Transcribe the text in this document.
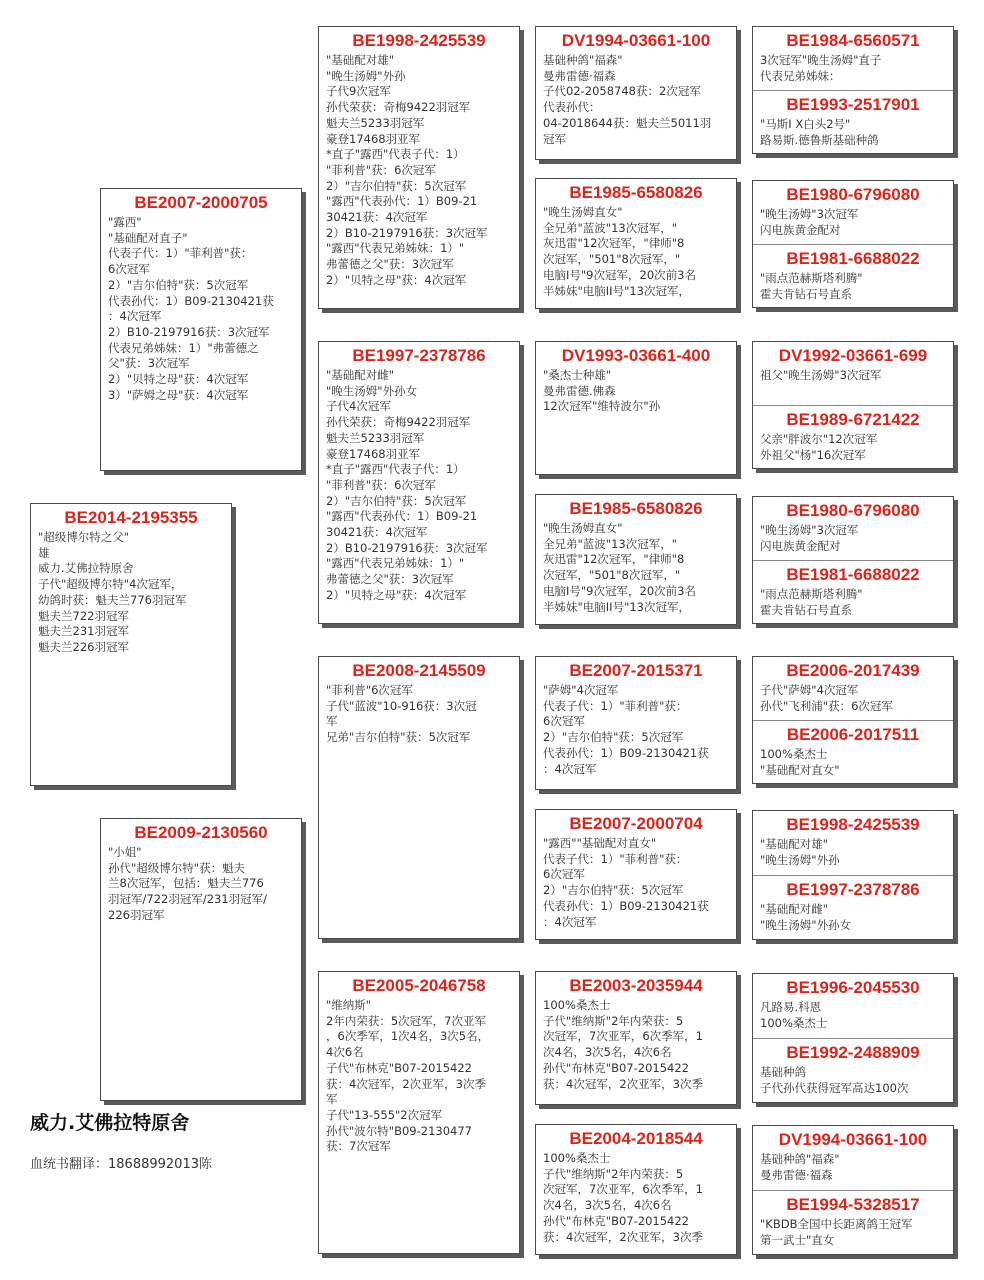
BE2014-2195355
"超级博尔特之父"
雄
威力.艾佛拉特原舍
子代"超级博尔特"4次冠军，
幼鸽时获：魁夫兰776羽冠军
魁夫兰722羽冠军
魁夫兰231羽冠军
魁夫兰226羽冠军
BE2007-2000705
"露西"
"基础配对直子"
代表子代：1）"菲利普"获：
6次冠军
2）"吉尔伯特"获：5次冠军
代表孙代：1）B09-2130421获
：4次冠军
2）B10-2197916获：3次冠军
代表兄弟姊妹：1）"弗蕾德之
父"获：3次冠军
2）"贝特之母"获：4次冠军
3）"萨姆之母"获：4次冠军
BE2009-2130560
"小姐"
孙代"超级博尔特"获：魁夫
兰8次冠军，包括：魁夫兰776
羽冠军/722羽冠军/231羽冠军/
226羽冠军
BE1998-2425539
"基础配对雄"
"晚生汤姆"外孙
子代9次冠军
孙代荣获：奇梅9422羽冠军
魁夫兰5233羽冠军
豪登17468羽亚军
*直子"露西"代表子代：1）
"菲利普"获：6次冠军
2）"吉尔伯特"获：5次冠军
"露西"代表孙代：1）B09-21
30421获：4次冠军
2）B10-2197916获：3次冠军
"露西"代表兄弟姊妹：1）"
弗蕾德之父"获：3次冠军
2）"贝特之母"获：4次冠军
BE1997-2378786
"基础配对雌"
"晚生汤姆"外孙女
子代4次冠军
孙代荣获：奇梅9422羽冠军
魁夫兰5233羽冠军
豪登17468羽亚军
*直子"露西"代表子代：1）
"菲利普"获：6次冠军
2）"吉尔伯特"获：5次冠军
"露西"代表孙代：1）B09-21
30421获：4次冠军
2）B10-2197916获：3次冠军
"露西"代表兄弟姊妹：1）"
弗蕾德之父"获：3次冠军
2）"贝特之母"获：4次冠军
BE2008-2145509
"菲利普"6次冠军
子代"蓝波"10-916获：3次冠
军
兄弟"吉尔伯特"获：5次冠军
BE2005-2046758
"维纳斯"
2年内荣获：5次冠军，7次亚军
，6次季军，1次4名，3次5名，
4次6名
子代"布林克"B07-2015422
获：4次冠军，2次亚军，3次季
军
子代"13-555"2次冠军
孙代"波尔特"B09-2130477
获：7次冠军
DV1994-03661-100
基础种鸽"福森"
曼弗雷德·福森
子代02-2058748获：2次冠军
代表孙代：
04-2018644获：魁夫兰5011羽
冠军
BE1985-6580826
"晚生汤姆直女"
全兄弟"蓝波"13次冠军，"
灰迅雷"12次冠军，"律师"8
次冠军，"501"8次冠军，"
电脑I号"9次冠军，20次前3名
半姊妹"电脑II号"13次冠军，
DV1993-03661-400
"桑杰士种雄"
曼弗雷德.佛森
12次冠军"维特波尔"孙
BE1985-6580826
"晚生汤姆直女"
全兄弟"蓝波"13次冠军，"
灰迅雷"12次冠军，"律师"8
次冠军，"501"8次冠军，"
电脑I号"9次冠军，20次前3名
半姊妹"电脑II号"13次冠军，
BE2007-2015371
"萨姆"4次冠军
代表子代：1）"菲利普"获：
6次冠军
2）"吉尔伯特"获：5次冠军
代表孙代：1）B09-2130421获
：4次冠军
BE2007-2000704
"露西""基础配对直女"
代表子代：1）"菲利普"获：
6次冠军
2）"吉尔伯特"获：5次冠军
代表孙代：1）B09-2130421获
：4次冠军
BE2003-2035944
100%桑杰士
子代"维纳斯"2年内荣获：5
次冠军，7次亚军，6次季军，1
次4名，3次5名，4次6名
孙代"布林克"B07-2015422
获：4次冠军，2次亚军，3次季
BE2004-2018544
100%桑杰士
子代"维纳斯"2年内荣获：5
次冠军，7次亚军，6次季军，1
次4名，3次5名，4次6名
孙代"布林克"B07-2015422
获：4次冠军，2次亚军，3次季
BE1984-6560571
3次冠军"晚生汤姆"直子
代表兄弟姊妹：
BE1993-2517901
"马斯I X白头2号"
路易斯.德鲁斯基础种鸽
BE1980-6796080
"晚生汤姆"3次冠军
闪电族黄金配对
BE1981-6688022
"雨点范赫斯塔利腾"
霍夫肯钻石号直系
DV1992-03661-699
祖父"晚生汤姆"3次冠军
BE1989-6721422
父亲"胖波尔"12次冠军
外祖父"杨"16次冠军
BE1980-6796080
"晚生汤姆"3次冠军
闪电族黄金配对
BE1981-6688022
"雨点范赫斯塔利腾"
霍夫肯钻石号直系
BE2006-2017439
子代"萨姆"4次冠军
孙代"飞利浦"获：6次冠军
BE2006-2017511
100%桑杰士
"基础配对直女"
BE1998-2425539
"基础配对雄"
"晚生汤姆"外孙
BE1997-2378786
"基础配对雌"
"晚生汤姆"外孙女
BE1996-2045530
凡路易.科恩
100%桑杰士
BE1992-2488909
基础种鸽
子代孙代获得冠军高达100次
DV1994-03661-100
基础种鸽"福森"
曼弗雷德·福森
BE1994-5328517
"KBDB全国中长距离鸽王冠军
第一武士"直女
威力.艾佛拉特原舍
血统书翻译：18688992013陈
